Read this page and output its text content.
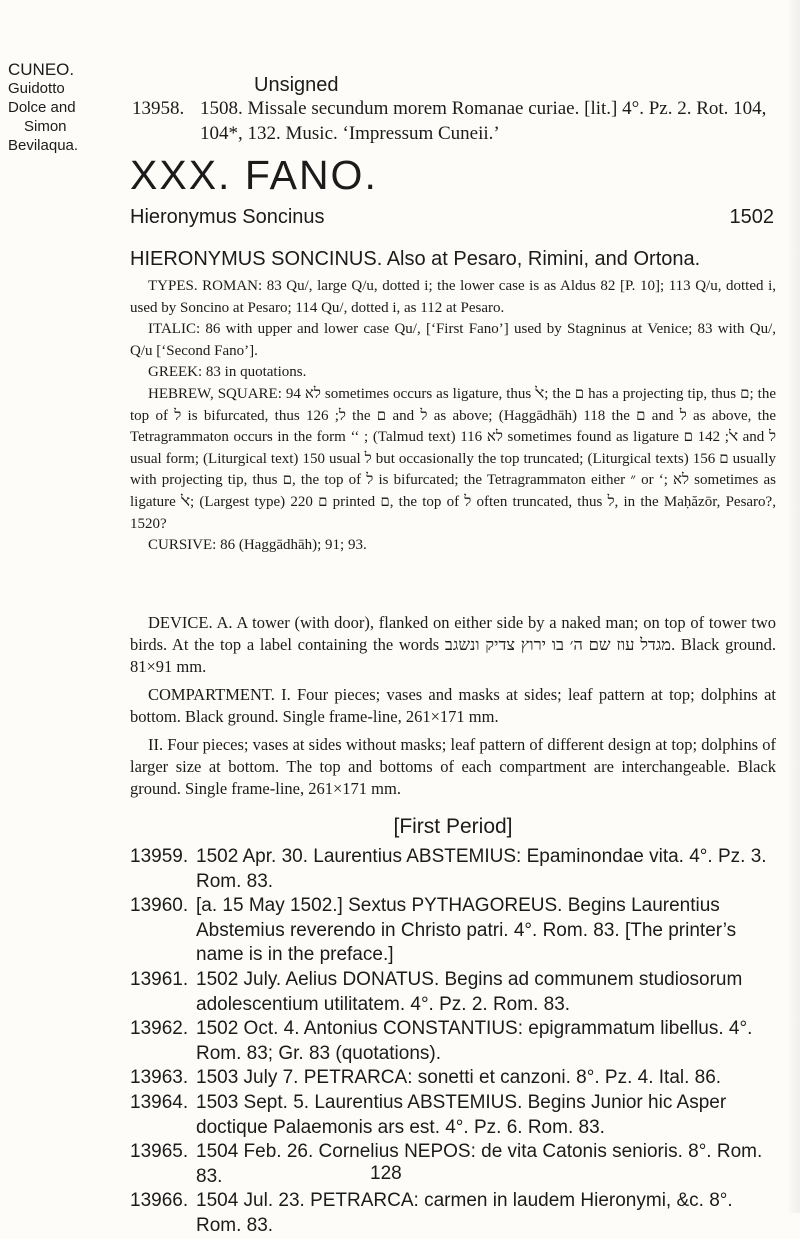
CUNEO.
Guidotto
Dolce and
Simon
Bevilaqua.
Unsigned
13958. 1508. Missale secundum morem Romanae curiae. [lit.] 4°. Pz. 2. Rot. 104, 104*, 132. Music. ‘Impressum Cuneii.’
XXX. FANO.
Hieronymus Soncinus	1502
HIERONYMUS SONCINUS. Also at Pesaro, Rimini, and Ortona.

TYPES. ROMAN: 83 Qu/, large Q/u, dotted i; the lower case is as Aldus 82 [P. 10]; 113 Q/u, dotted i, used by Soncino at Pesaro; 114 Qu/, dotted i, as 112 at Pesaro.

ITALIC: 86 with upper and lower case Qu/, [‘First Fano’] used by Stagninus at Venice; 83 with Qu/, Q/u [‘Second Fano’].

GREEK: 83 in quotations.

HEBREW, SQUARE: 94 לא sometimes occurs as ligature, thus ﭏ; the ם has a projecting tip, thus ם; the top of ל is bifurcated, thus ל; 126 the ם and ל as above; (Haggādhāh) 118 the ם and ל as above, the Tetragrammaton occurs in the form ‘‘ ; (Talmud text) 116 לא sometimes found as ligature ﭏ; 142 ם and ל usual form; (Liturgical text) 150 usual ל but occasionally the top truncated; (Liturgical texts) 156 ם usually with projecting tip, thus ם, the top of ל is bifurcated; the Tetragrammaton either ״ or ‘; לא sometimes as ligature ﭏ; (Largest type) 220 ם printed ם, the top of ל often truncated, thus ל, in the Maḥăzōr, Pesaro?, 1520?

CURSIVE: 86 (Haggādhāh); 91; 93.

DEVICE. A. A tower (with door), flanked on either side by a naked man; on top of tower two birds. At the top a label containing the words מגדל עוז שם ה׳ בו ירוץ צדיק ונשגב. Black ground. 81×91 mm.

COMPARTMENT. I. Four pieces; vases and masks at sides; leaf pattern at top; dolphins at bottom. Black ground. Single frame-line, 261×171 mm.

II. Four pieces; vases at sides without masks; leaf pattern of different design at top; dolphins of larger size at bottom. The top and bottoms of each compartment are interchangeable. Black ground. Single frame-line, 261×171 mm.

[First Period]
13959. 1502 Apr. 30. Laurentius ABSTEMIUS: Epaminondae vita. 4°. Pz. 3. Rom. 83.
13960. [a. 15 May 1502.] Sextus PYTHAGOREUS. Begins Laurentius Abstemius reverendo in Christo patri. 4°. Rom. 83. [The printer’s name is in the preface.]
13961. 1502 July. Aelius DONATUS. Begins ad communem studiosorum adolescentium utilitatem. 4°. Pz. 2. Rom. 83.
13962. 1502 Oct. 4. Antonius CONSTANTIUS: epigrammatum libellus. 4°. Rom. 83; Gr. 83 (quotations).
13963. 1503 July 7. PETRARCA: sonetti et canzoni. 8°. Pz. 4. Ital. 86.
13964. 1503 Sept. 5. Laurentius ABSTEMIUS. Begins Junior hic Asper doctique Palaemonis ars est. 4°. Pz. 6. Rom. 83.
13965. 1504 Feb. 26. Cornelius NEPOS: de vita Catonis senioris. 8°. Rom. 83.
13966. 1504 Jul. 23. PETRARCA: carmen in laudem Hieronymi, &c. 8°. Rom. 83.
128
